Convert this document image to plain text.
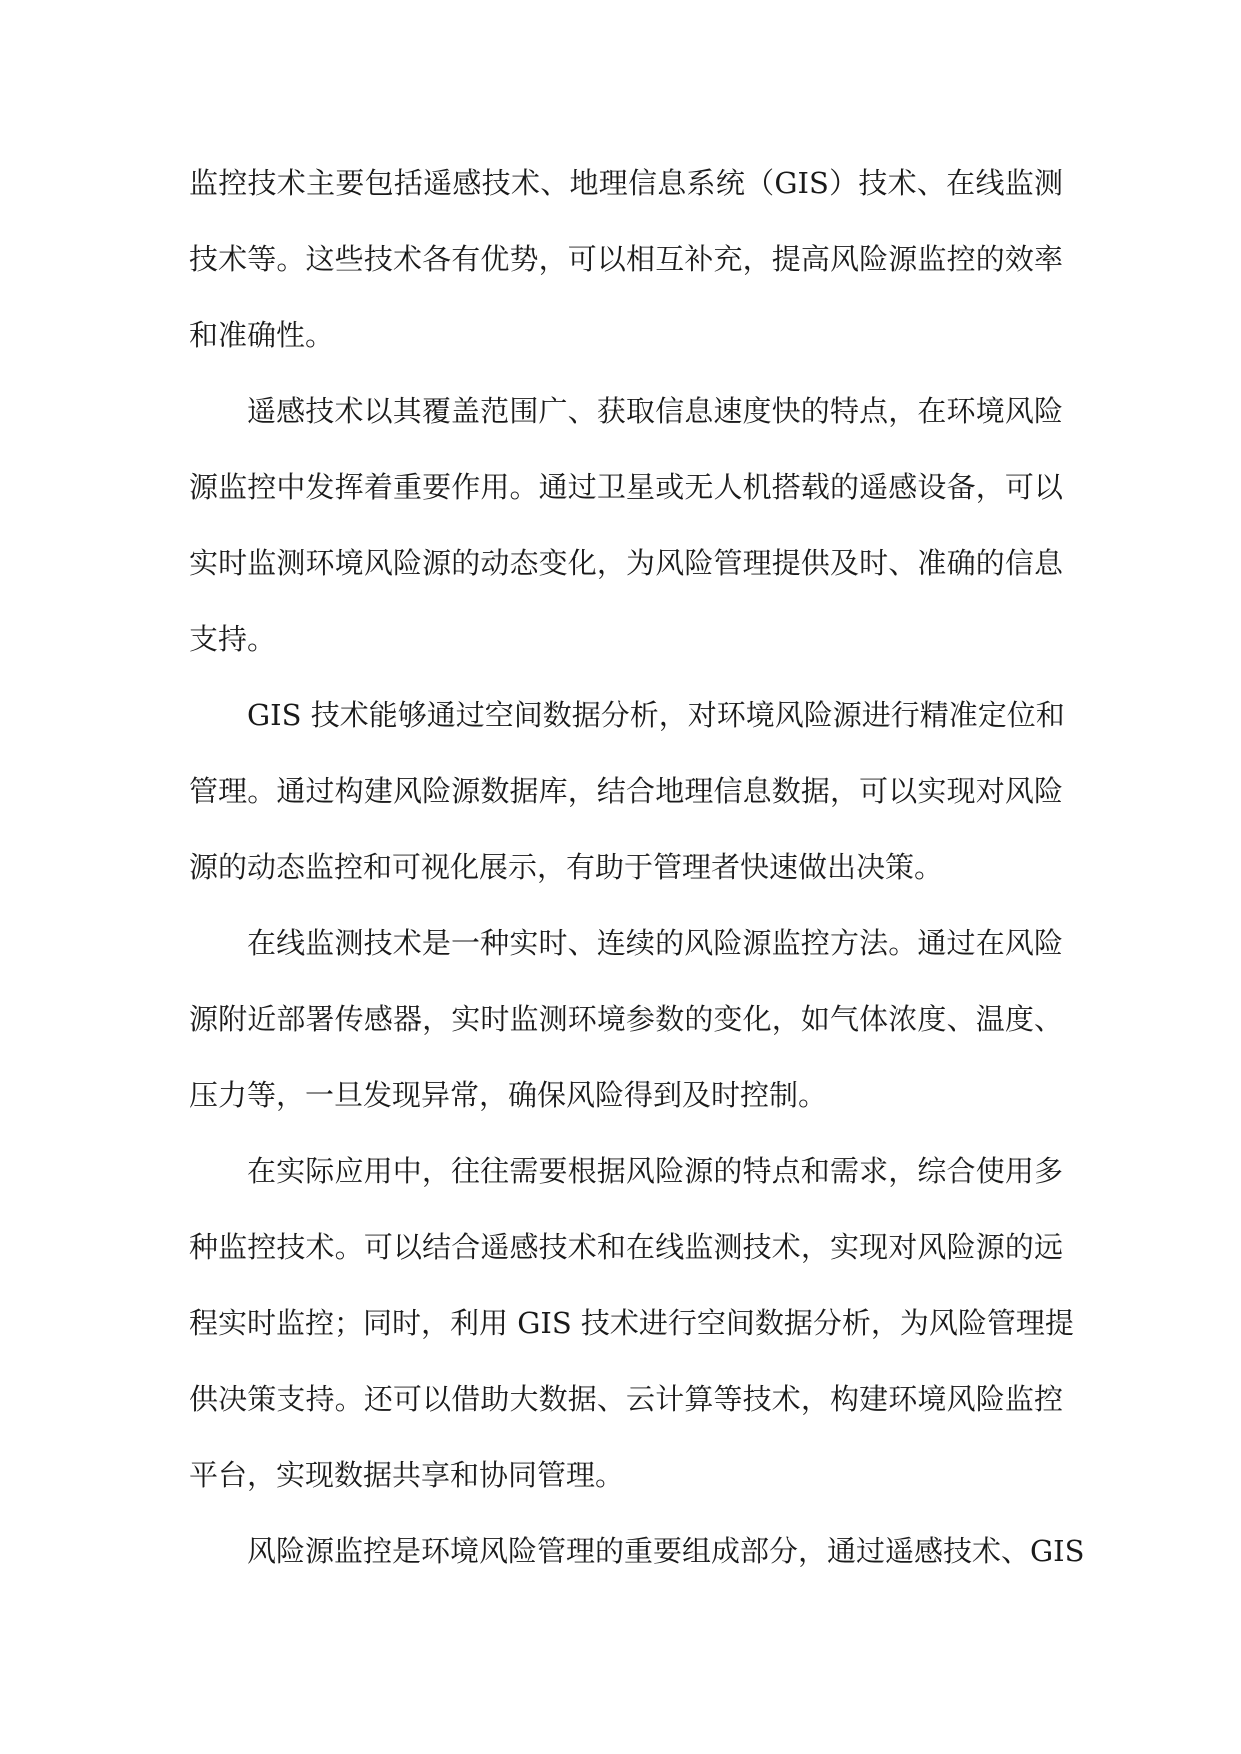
监控技术主要包括遥感技术、地理信息系统（GIS）技术、在线监测
技术等。这些技术各有优势，可以相互补充，提高风险源监控的效率
和准确性。
遥感技术以其覆盖范围广、获取信息速度快的特点，在环境风险
源监控中发挥着重要作用。通过卫星或无人机搭载的遥感设备，可以
实时监测环境风险源的动态变化，为风险管理提供及时、准确的信息
支持。
GIS 技术能够通过空间数据分析，对环境风险源进行精准定位和
管理。通过构建风险源数据库，结合地理信息数据，可以实现对风险
源的动态监控和可视化展示，有助于管理者快速做出决策。
在线监测技术是一种实时、连续的风险源监控方法。通过在风险
源附近部署传感器，实时监测环境参数的变化，如气体浓度、温度、
压力等，一旦发现异常，确保风险得到及时控制。
在实际应用中，往往需要根据风险源的特点和需求，综合使用多
种监控技术。可以结合遥感技术和在线监测技术，实现对风险源的远
程实时监控；同时，利用 GIS 技术进行空间数据分析，为风险管理提
供决策支持。还可以借助大数据、云计算等技术，构建环境风险监控
平台，实现数据共享和协同管理。
风险源监控是环境风险管理的重要组成部分，通过遥感技术、GIS
